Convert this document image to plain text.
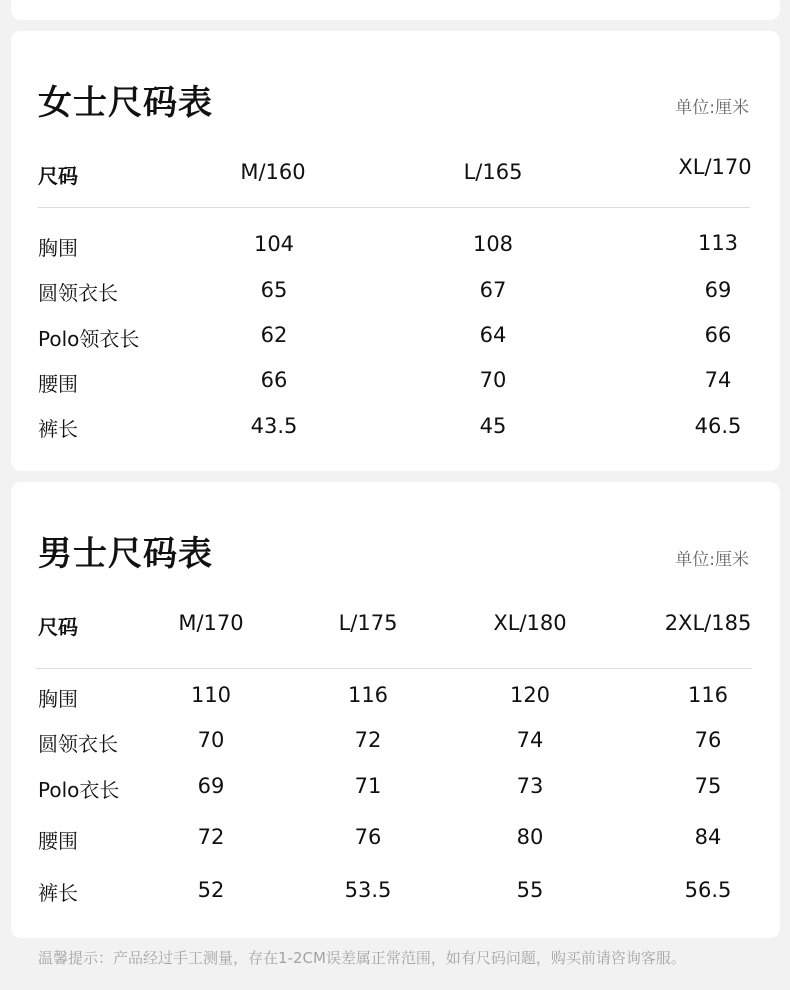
女士尺码表	单位:厘米
尺码	M/160	L/165	XL/170
胸围	104	108	113
圆领衣长	65	67	69
Polo领衣长	62	64	66
腰围	66	70	74
裤长	43.5	45	46.5
男士尺码表	单位:厘米
尺码	M/170	L/175	XL/180	2XL/185
胸围	110	116	120	116
圆领衣长	70	72	74	76
Polo衣长	69	71	73	75
腰围	72	76	80	84
裤长	52	53.5	55	56.5
温馨提示：产品经过手工测量，存在1-2CM误差属正常范围，如有尺码问题，购买前请咨询客服。
